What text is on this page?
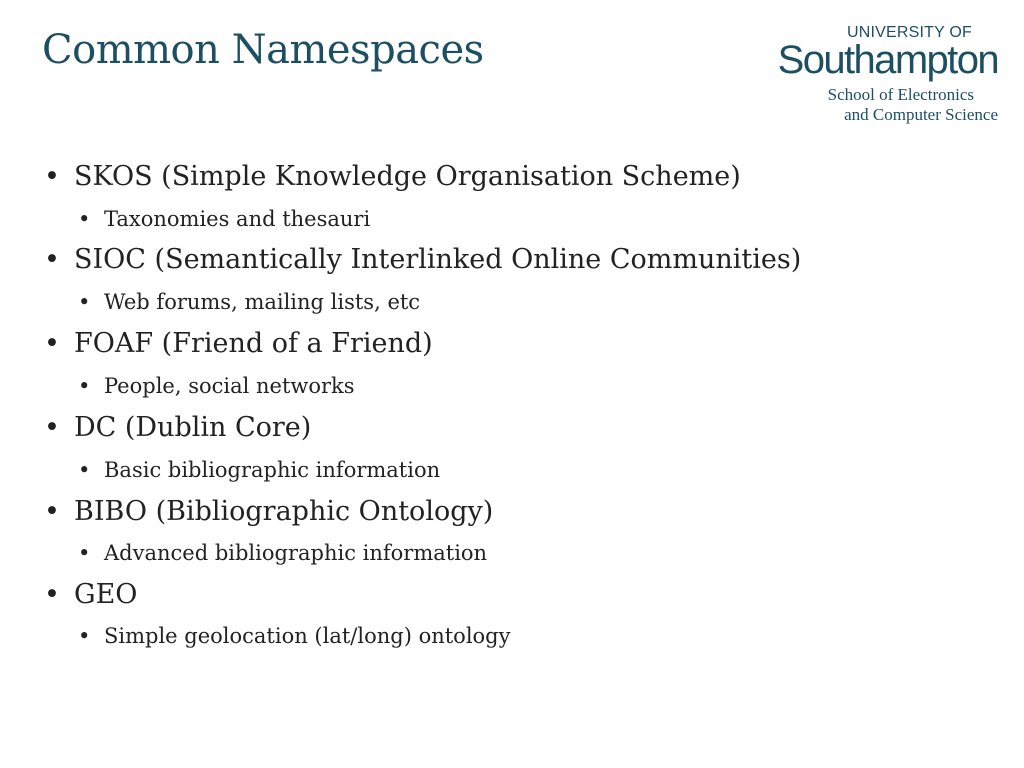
Common Namespaces	UNIVERSITY OF
Southampton
School of Electronics
and Computer Science
• SKOS (Simple Knowledge Organisation Scheme)
• Taxonomies and thesauri
• SIOC (Semantically Interlinked Online Communities)
• Web forums, mailing lists, etc
• FOAF (Friend of a Friend)
• People, social networks
• DC (Dublin Core)
• Basic bibliographic information
• BIBO (Bibliographic Ontology)
• Advanced bibliographic information
• GEO
• Simple geolocation (lat/long) ontology
